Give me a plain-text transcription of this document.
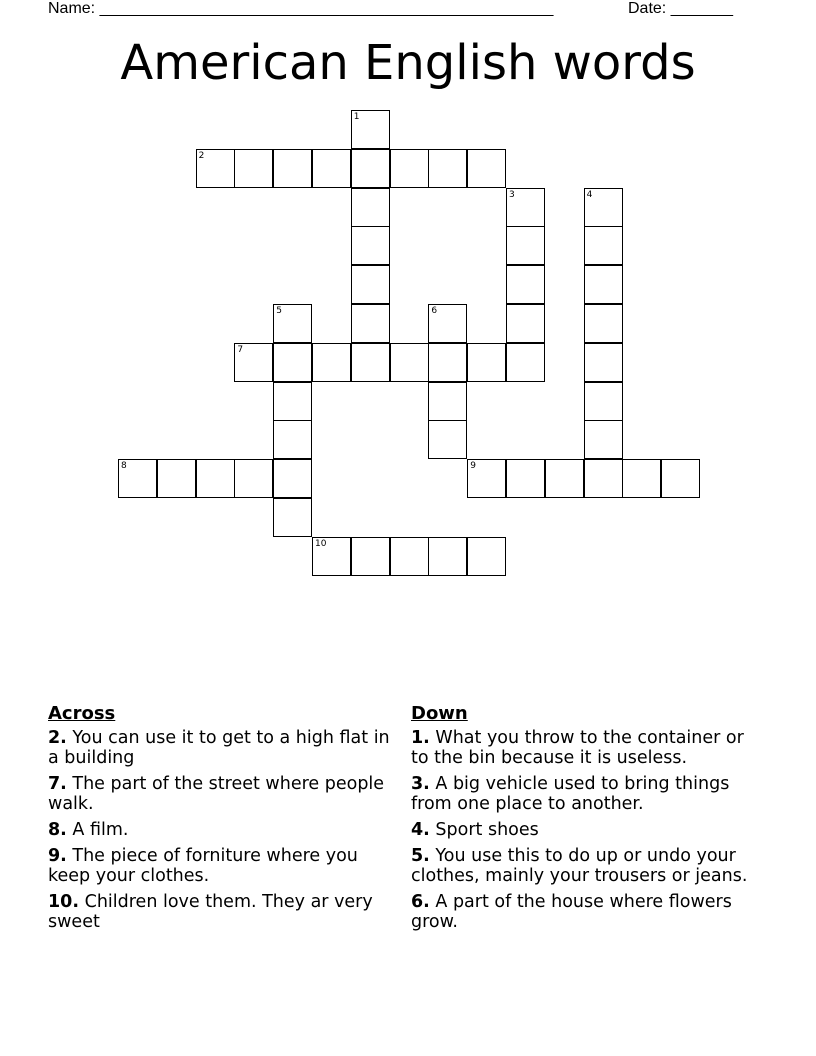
Name: ___________________________________________________	Date: _______
American English words
2
7
8	9
10
1
3	4
5	6
Across
2. You can use it to get to a high flat in a building
7. The part of the street where people walk.
8. A film.
9. The piece of forniture where you keep your clothes.
10. Children love them. They ar very sweet
Down
1. What you throw to the container or to the bin because it is useless.
3. A big vehicle used to bring things from one place to another.
4. Sport shoes
5. You use this to do up or undo your clothes, mainly your trousers or jeans.
6. A part of the house where flowers grow.
